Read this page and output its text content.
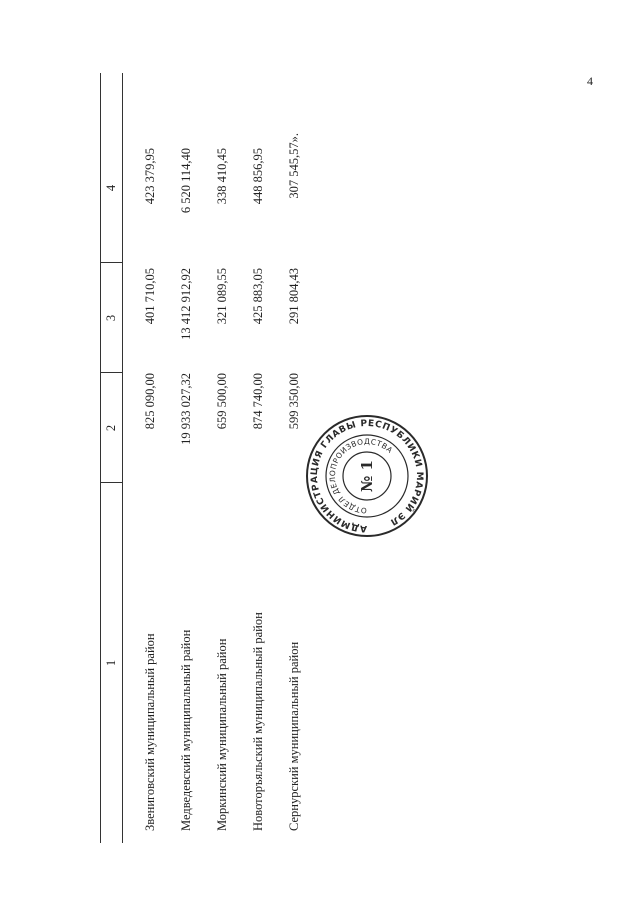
4
1
2
3
4
Звениговский муниципальный район
825 090,00
401 710,05
423 379,95
Медведевский муниципальный район
19 933 027,32
13 412 912,92
6 520 114,40
Моркинский муниципальный район
659 500,00
321 089,55
338 410,45
Новоторъяльский муниципальный район
874 740,00
425 883,05
448 856,95
Сернурский муниципальный район
599 350,00
291 804,43
307 545,57».
АДМИНИСТРАЦИЯ ГЛАВЫ РЕСПУБЛИКИ МАРИЙ ЭЛ
ОТДЕЛ ДЕЛОПРОИЗВОДСТВА
№ 1
